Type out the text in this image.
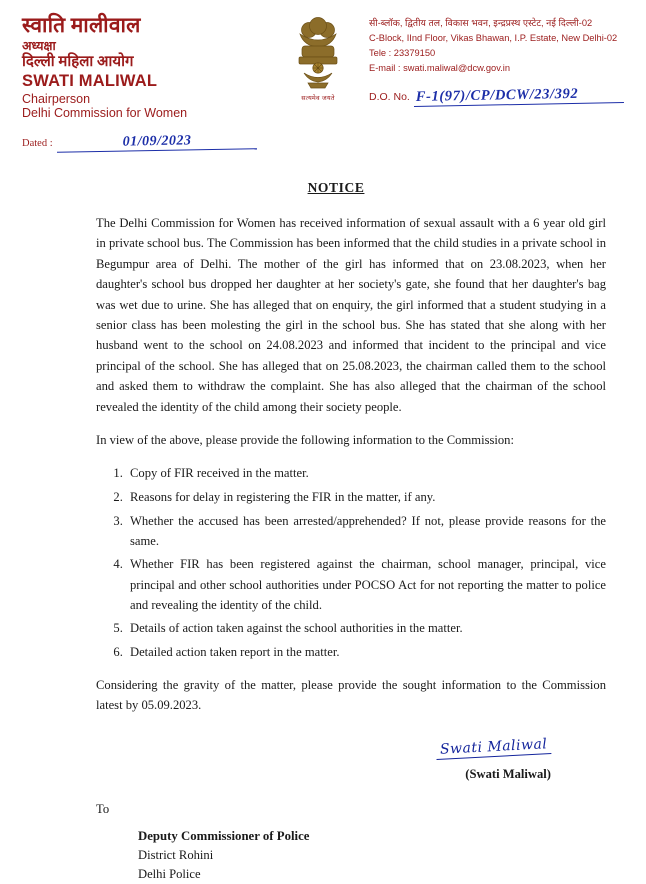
स्वाति मालीवाल
अध्यक्षा
दिल्ली महिला आयोग
SWATI MALIWAL
Chairperson
Delhi Commission for Women
Dated :	01/09/2023
सत्यमेव जयते
सी-ब्लॉक, द्वितीय तल, विकास भवन, इन्द्रप्रस्थ एस्टेट, नई दिल्ली-02
C-Block, IInd Floor, Vikas Bhawan, I.P. Estate, New Delhi-02
Tele : 23379150
E-mail : swati.maliwal@dcw.gov.in
D.O. No. F-1(97)/CP/DCW/23/392
NOTICE

The Delhi Commission for Women has received information of sexual assault with a 6 year old girl in private school bus. The Commission has been informed that the child studies in a private school in Begumpur area of Delhi. The mother of the girl has informed that on 23.08.2023, when her daughter's school bus dropped her daughter at her society's gate, she found that her daughter's bag was wet due to urine. She has alleged that on enquiry, the girl informed that a student studying in a senior class has been molesting the girl in the school bus. She has stated that she along with her husband went to the school on 24.08.2023 and informed that incident to the principal and vice principal of the school. She has alleged that on 25.08.2023, the chairman called them to the school and asked them to withdraw the complaint. She has also alleged that the chairman of the school revealed the identity of the child among their society people.

In view of the above, please provide the following information to the Commission:

1. Copy of FIR received in the matter.
2. Reasons for delay in registering the FIR in the matter, if any.
3. Whether the accused has been arrested/apprehended? If not, please provide reasons for the same.
4. Whether FIR has been registered against the chairman, school manager, principal, vice principal and other school authorities under POCSO Act for not reporting the matter to police and revealing the identity of the child.
5. Details of action taken against the school authorities in the matter.
6. Detailed action taken report in the matter.

Considering the gravity of the matter, please provide the sought information to the Commission latest by 05.09.2023.

Swati Maliwal
(Swati Maliwal)
To
Deputy Commissioner of Police
District Rohini
Delhi Police
